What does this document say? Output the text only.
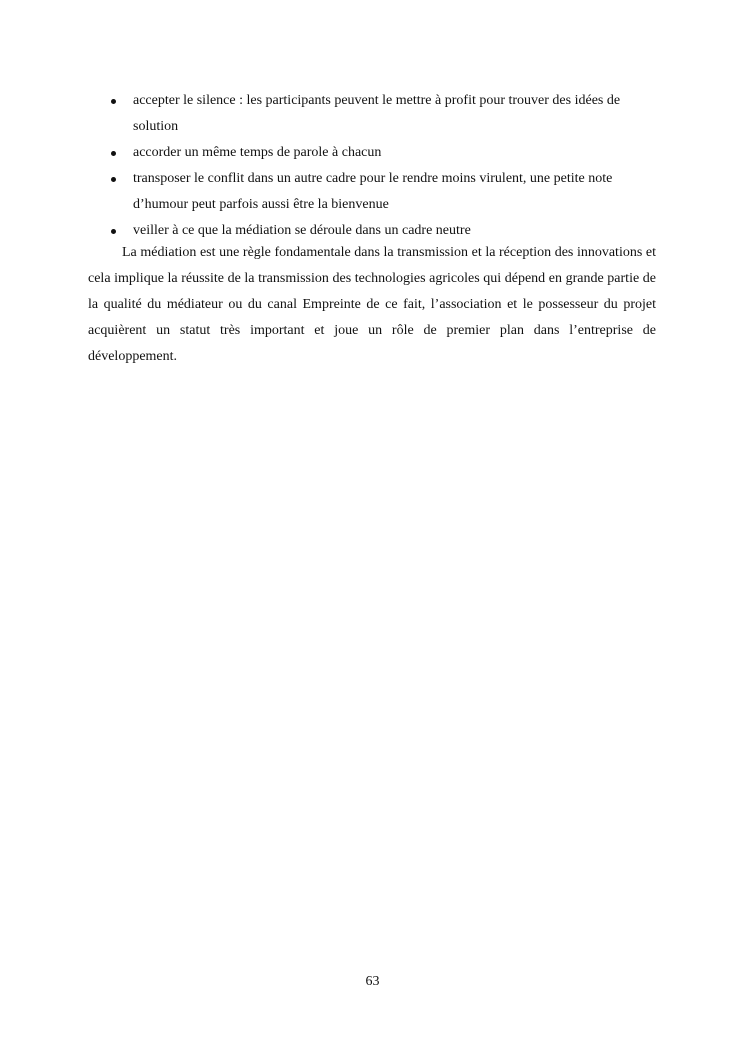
accepter le silence : les participants peuvent le mettre à profit pour trouver des idées de solution
accorder un même temps de parole à chacun
transposer le conflit dans un autre cadre pour le rendre moins virulent, une petite note d’humour peut parfois aussi être la bienvenue
veiller à ce que la médiation se déroule dans un cadre neutre

La médiation est une règle fondamentale dans la transmission et la réception des innovations et cela implique la réussite de la transmission des technologies agricoles qui dépend en grande partie de la qualité du médiateur ou du canal Empreinte de ce fait, l’association et le possesseur du projet acquièrent un statut très important et joue un rôle de premier plan dans l’entreprise de développement.

63
